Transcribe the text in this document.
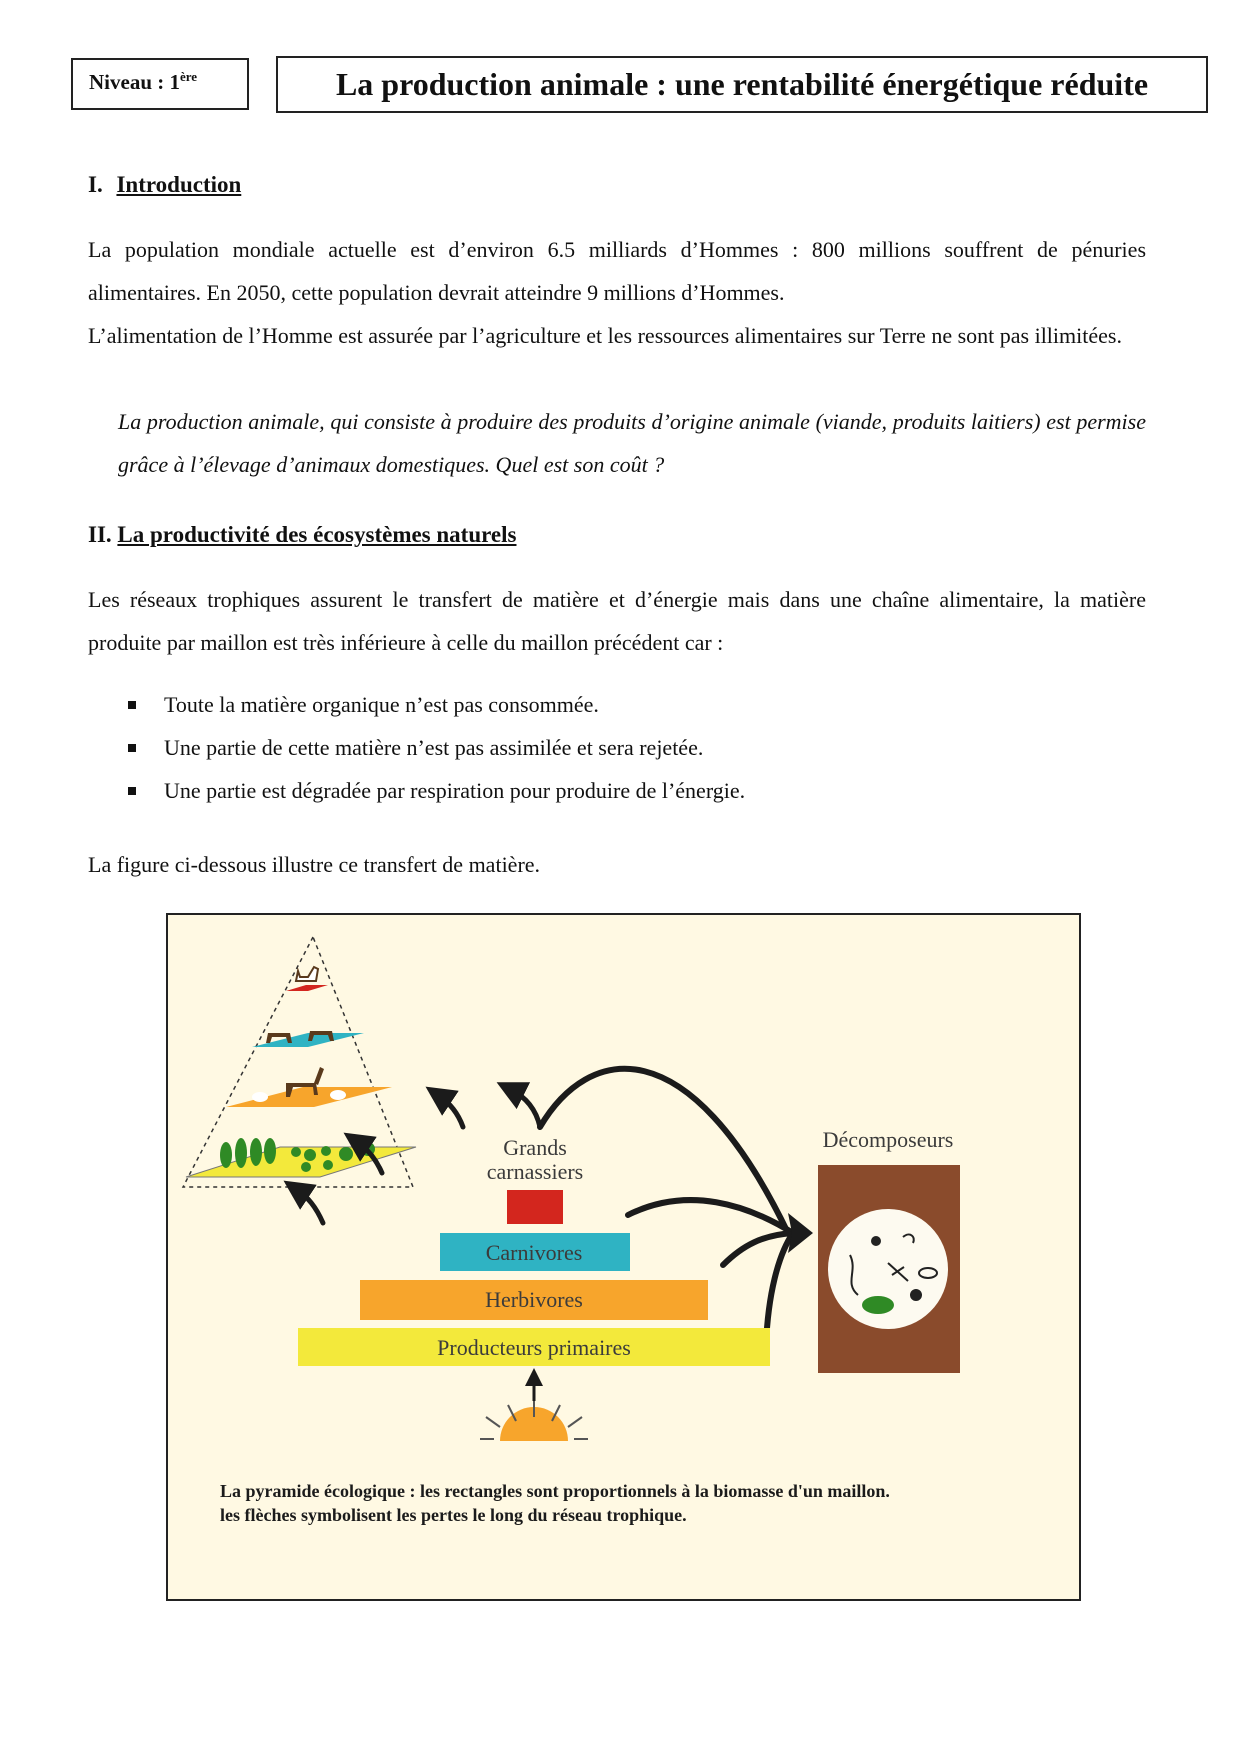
Niveau : 1ère	La production animale : une rentabilité énergétique réduite
I. Introduction
La population mondiale actuelle est d’environ 6.5 milliards d’Hommes : 800 millions souffrent de pénuries alimentaires. En 2050, cette population devrait atteindre 9 millions d’Hommes.
L’alimentation de l’Homme est assurée par l’agriculture et les ressources alimentaires sur Terre ne sont pas illimitées.
La production animale, qui consiste à produire des produits d’origine animale (viande, produits laitiers) est permise grâce à l’élevage d’animaux domestiques. Quel est son coût ?
II. La productivité des écosystèmes naturels
Les réseaux trophiques assurent le transfert de matière et d’énergie mais dans une chaîne alimentaire, la matière produite par maillon est très inférieure à celle du maillon précédent car :
Toute la matière organique n’est pas consommée.
Une partie de cette matière n’est pas assimilée et sera rejetée.
Une partie est dégradée par respiration pour produire de l’énergie.
La figure ci-dessous illustre ce transfert de matière.
Producteurs primaires
Herbivores
Carnivores
Grands
carnassiers
Décomposeurs
La pyramide écologique : les rectangles sont proportionnels à la biomasse d'un maillon.
les flèches symbolisent les pertes le long du réseau trophique.
